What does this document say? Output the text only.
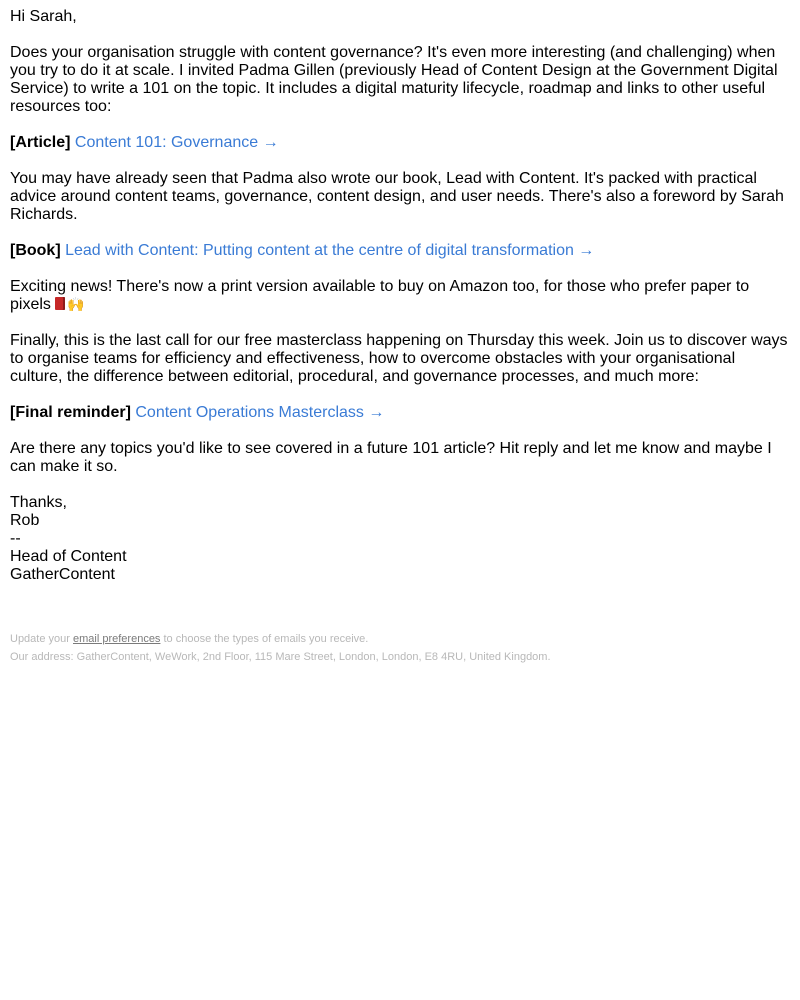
Hi Sarah,

Does your organisation struggle with content governance? It's even more interesting (and challenging) when you try to do it at scale. I invited Padma Gillen (previously Head of Content Design at the Government Digital Service) to write a 101 on the topic. It includes a digital maturity lifecycle, roadmap and links to other useful resources too:

[Article] Content 101: Governance →

You may have already seen that Padma also wrote our book, Lead with Content. It's packed with practical advice around content teams, governance, content design, and user needs. There's also a foreword by Sarah Richards.

[Book] Lead with Content: Putting content at the centre of digital transformation →

Exciting news! There's now a print version available to buy on Amazon too, for those who prefer paper to pixels 🙌

Finally, this is the last call for our free masterclass happening on Thursday this week. Join us to discover ways to organise teams for efficiency and effectiveness, how to overcome obstacles with your organisational culture, the difference between editorial, procedural, and governance processes, and much more:

[Final reminder] Content Operations Masterclass →

Are there any topics you'd like to see covered in a future 101 article? Hit reply and let me know and maybe I can make it so.

Thanks,

Rob

--

Head of Content

GatherContent

Update your email preferences to choose the types of emails you receive.

Our address: GatherContent, WeWork, 2nd Floor, 115 Mare Street, London, London, E8 4RU, United Kingdom.
